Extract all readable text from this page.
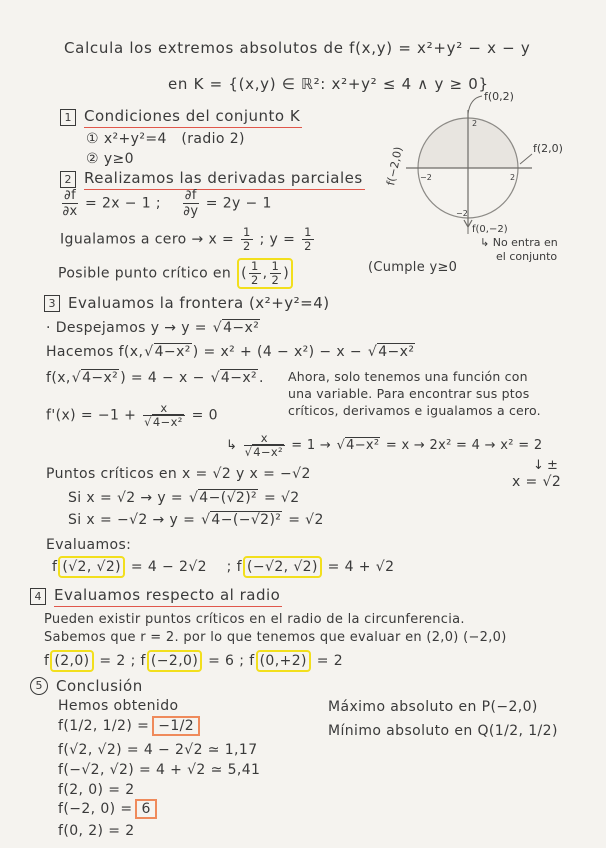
Calcula los extremos absolutos de f(x,y) = x²+y² − x − y
en K = {(x,y) ∈ ℝ²: x²+y² ≤ 4 ∧ y ≥ 0}
1 Condiciones del conjunto K
① x²+y²=4   (radio 2)
② y≥0
f(0,2)
f(−2,0)	f(2,0)
f(0,−2)
2
−2	2
−2
↳ No entra en
el conjunto
2 Realizamos las derivadas parciales
$\frac{\partial f}{\partial x} = 2x - 1$ ; $\frac{\partial f}{\partial y} = 2y - 1$
Igualamos a cero → $x = \frac{1}{2}$ ; $y = \frac{1}{2}$
(Cumple y≥0
Posible punto crítico en ( $\frac{1}{2}$ , $\frac{1}{2}$ )
3 Evaluamos la frontera (x²+y²=4)
· Despejamos y → y = √4−x²
Hacemos f(x,√4−x² ) = x² + (4 − x²) − x − √4−x²
f(x,√4−x² ) = 4 − x − √4−x² . Ahora, solo tenemos una función con
una variable. Para encontrar sus ptos
críticos, derivamos e igualamos a cero.
$f'(x) = -1 + \frac{x}{\text{√4−x²}} = 0$
↳ $\frac{x}{\text{√4−x²}} = 1 \to √4-x^2 = x \to 2x^2 = 4 \to x^2 = 2$
↓ ±
x = √2
Puntos críticos en x = √2 y x = −√2
Si x = √2 → y = √4−(√2)² = √2
Si x = −√2 → y = √4−(−√2)² = √2
Evaluamos:
f (√2, √2) = 4 − 2√2 ; f (−√2, √2) = 4 + √2
4 Evaluamos respecto al radio
Pueden existir puntos críticos en el radio de la circunferencia.
Sabemos que r = 2. por lo que tenemos que evaluar en (2,0) (−2,0)
f (2,0) = 2 ; f (−2,0) = 6 ; f (0,+2) = 2
5 Conclusión
Hemos obtenido
f(1/2, 1/2) = −1/2
f(√2, √2) = 4 − 2√2 ≃ 1,17
f(−√2, √2) = 4 + √2 ≃ 5,41
f(2, 0) = 2
f(−2, 0) = 6
f(0, 2) = 2
Máximo absoluto en P(−2,0)
Mínimo absoluto en Q(1/2, 1/2)
